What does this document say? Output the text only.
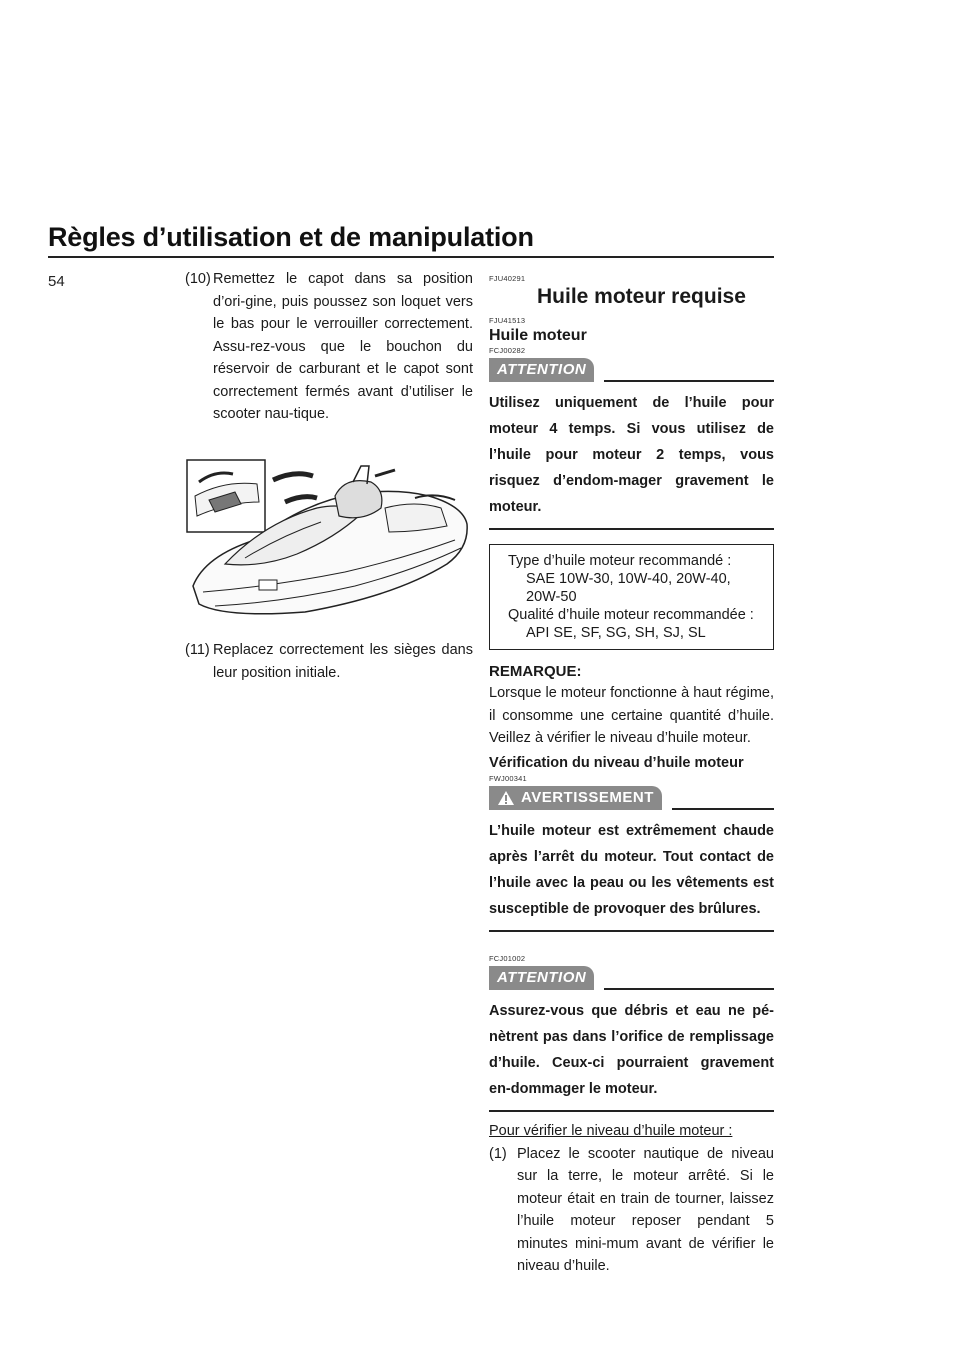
Règles d’utilisation et de manipulation
54	(10) Remettez le capot dans sa position d’ori-gine, puis poussez son loquet vers le bas pour le verrouiller correctement. Assu-rez-vous que le bouchon du réservoir de carburant et le capot sont correctement fermés avant d’utiliser le scooter nau-tique.

(11) Replacez correctement les sièges dans leur position initiale.

FJU40291
Huile moteur requise
FJU41513
Huile moteur
FCJ00282
ATTENTION
Utilisez uniquement de l’huile pour moteur 4 temps. Si vous utilisez de l’huile pour moteur 2 temps, vous risquez d’endom-mager gravement le moteur.
Type d’huile moteur recommandé :
SAE 10W-30, 10W-40, 20W-40,
20W-50
Qualité d’huile moteur recommandée :
API SE, SF, SG, SH, SJ, SL
REMARQUE:

Lorsque le moteur fonctionne à haut régime, il consomme une certaine quantité d’huile. Veillez à vérifier le niveau d’huile moteur.

Vérification du niveau d’huile moteur
FWJ00341
AVERTISSEMENT
L’huile moteur est extrêmement chaude après l’arrêt du moteur. Tout contact de l’huile avec la peau ou les vêtements est susceptible de provoquer des brûlures.
FCJ01002
ATTENTION
Assurez-vous que débris et eau ne pé-nètrent pas dans l’orifice de remplissage d’huile. Ceux-ci pourraient gravement en-dommager le moteur.
Pour vérifier le niveau d’huile moteur :

(1) Placez le scooter nautique de niveau sur la terre, le moteur arrêté. Si le moteur était en train de tourner, laissez l’huile moteur reposer pendant 5 minutes mini-mum avant de vérifier le niveau d’huile.
